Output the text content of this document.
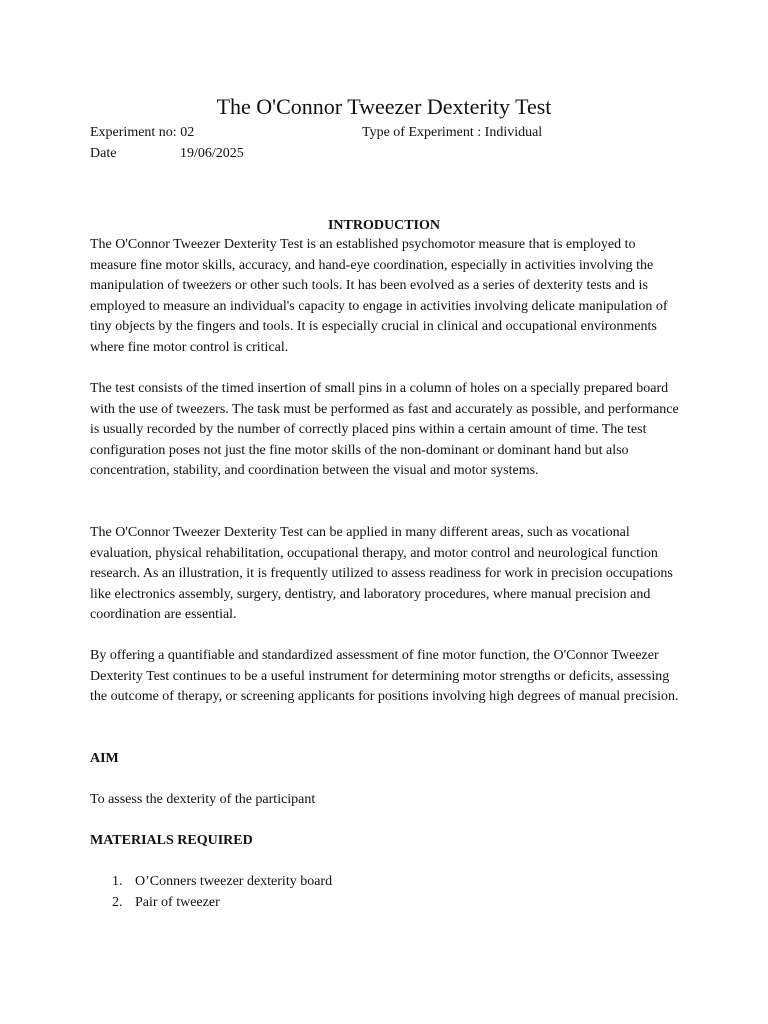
The O'Connor Tweezer Dexterity Test
Experiment no: 02	Type of Experiment : Individual
Date	19/06/2025
INTRODUCTION

The O'Connor Tweezer Dexterity Test is an established psychomotor measure that is employed to measure fine motor skills, accuracy, and hand-eye coordination, especially in activities involving the manipulation of tweezers or other such tools. It has been evolved as a series of dexterity tests and is employed to measure an individual's capacity to engage in activities involving delicate manipulation of tiny objects by the fingers and tools. It is especially crucial in clinical and occupational environments where fine motor control is critical.

The test consists of the timed insertion of small pins in a column of holes on a specially prepared board with the use of tweezers. The task must be performed as fast and accurately as possible, and performance is usually recorded by the number of correctly placed pins within a certain amount of time. The test configuration poses not just the fine motor skills of the non-dominant or dominant hand but also concentration, stability, and coordination between the visual and motor systems.

The O'Connor Tweezer Dexterity Test can be applied in many different areas, such as vocational evaluation, physical rehabilitation, occupational therapy, and motor control and neurological function research. As an illustration, it is frequently utilized to assess readiness for work in precision occupations like electronics assembly, surgery, dentistry, and laboratory procedures, where manual precision and coordination are essential.

By offering a quantifiable and standardized assessment of fine motor function, the O'Connor Tweezer Dexterity Test continues to be a useful instrument for determining motor strengths or deficits, assessing the outcome of therapy, or screening applicants for positions involving high degrees of manual precision.

AIM
To assess the dexterity of the participant
MATERIALS REQUIRED
1. O’Conners tweezer dexterity board
2. Pair of tweezer
